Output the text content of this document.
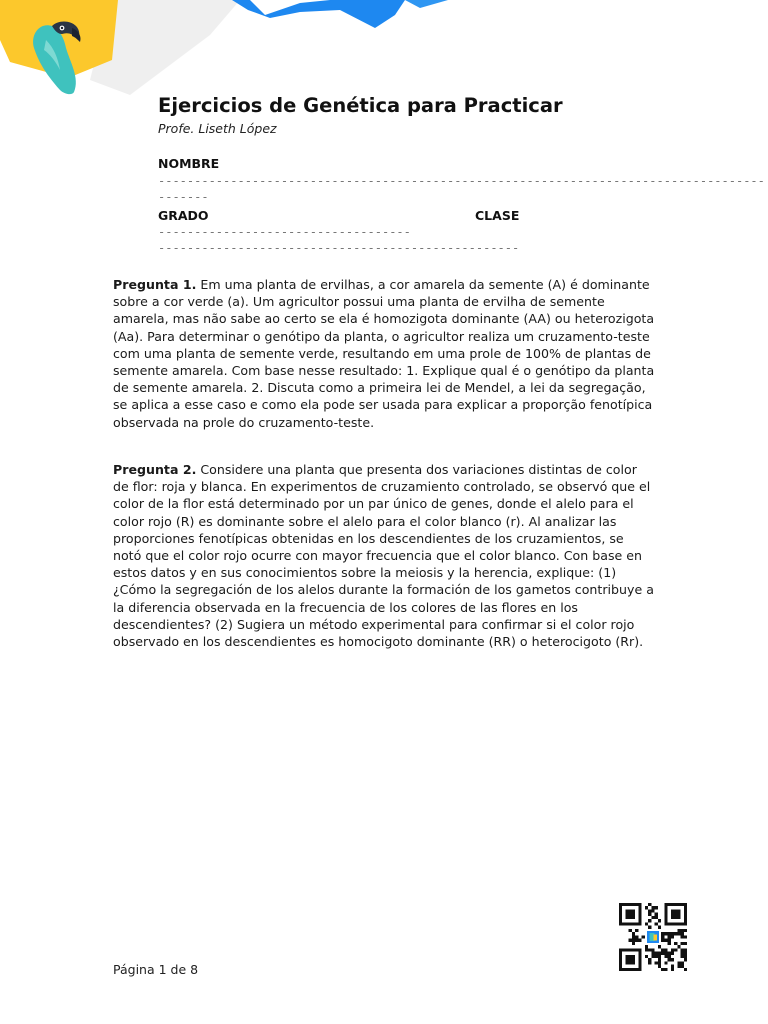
Ejercicios de Genética para Practicar
Profe. Liseth López
NOMBRE
------------------------------------------------------------------------------------
-------
GRADO	CLASE
-----------------------------------
--------------------------------------------------

Pregunta 1. Em uma planta de ervilhas, a cor amarela da semente (A) é dominante sobre a cor verde (a). Um agricultor possui uma planta de ervilha de semente amarela, mas não sabe ao certo se ela é homozigota dominante (AA) ou heterozigota (Aa). Para determinar o genótipo da planta, o agricultor realiza um cruzamento-teste com uma planta de semente verde, resultando em uma prole de 100% de plantas de semente amarela. Com base nesse resultado: 1. Explique qual é o genótipo da planta de semente amarela. 2. Discuta como a primeira lei de Mendel, a lei da segregação, se aplica a esse caso e como ela pode ser usada para explicar a proporção fenotípica observada na prole do cruzamento-teste.

Pregunta 2. Considere una planta que presenta dos variaciones distintas de color de flor: roja y blanca. En experimentos de cruzamiento controlado, se observó que el color de la flor está determinado por un par único de genes, donde el alelo para el color rojo (R) es dominante sobre el alelo para el color blanco (r). Al analizar las proporciones fenotípicas obtenidas en los descendientes de los cruzamientos, se notó que el color rojo ocurre con mayor frecuencia que el color blanco. Con base en estos datos y en sus conocimientos sobre la meiosis y la herencia, explique: (1) ¿Cómo la segregación de los alelos durante la formación de los gametos contribuye a la diferencia observada en la frecuencia de los colores de las flores en los descendientes? (2) Sugiera un método experimental para confirmar si el color rojo observado en los descendientes es homocigoto dominante (RR) o heterocigoto (Rr).

Página 1 de 8
